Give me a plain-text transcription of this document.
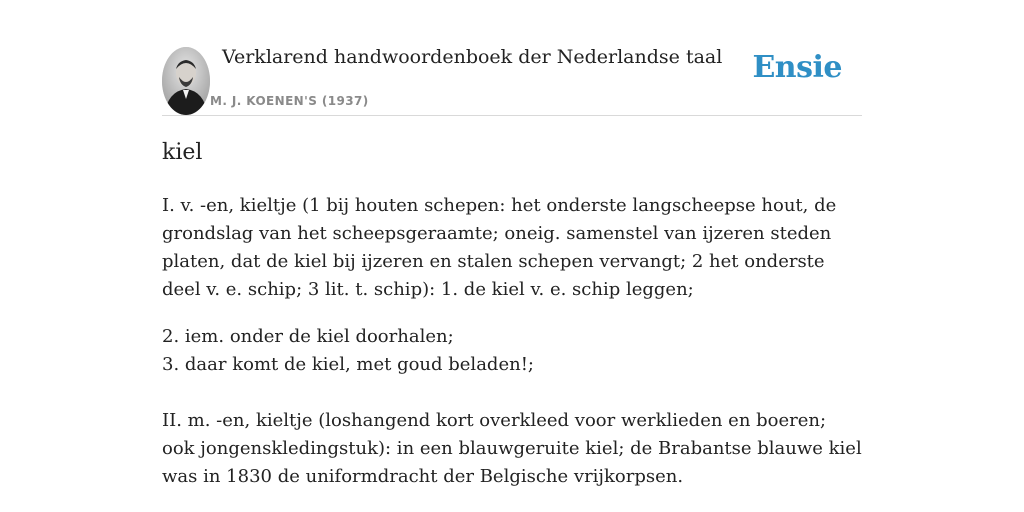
Verklarend handwoordenboek der Nederlandse taal
M. J. KOENEN'S (1937)
Ensie
kiel

I. v. -en, kieltje (1 bij houten schepen: het onderste langscheepse hout, de grondslag van het scheepsgeraamte; oneig. samenstel van ijzeren steden platen, dat de kiel bij ijzeren en stalen schepen vervangt; 2 het onderste deel v. e. schip; 3 lit. t. schip): 1. de kiel v. e. schip leggen;

2. iem. onder de kiel doorhalen;

3. daar komt de kiel, met goud beladen!;

II. m. -en, kieltje (loshangend kort overkleed voor werklieden en boeren; ook jongenskledingstuk): in een blauwgeruite kiel; de Brabantse blauwe kiel was in 1830 de uniformdracht der Belgische vrijkorpsen.
